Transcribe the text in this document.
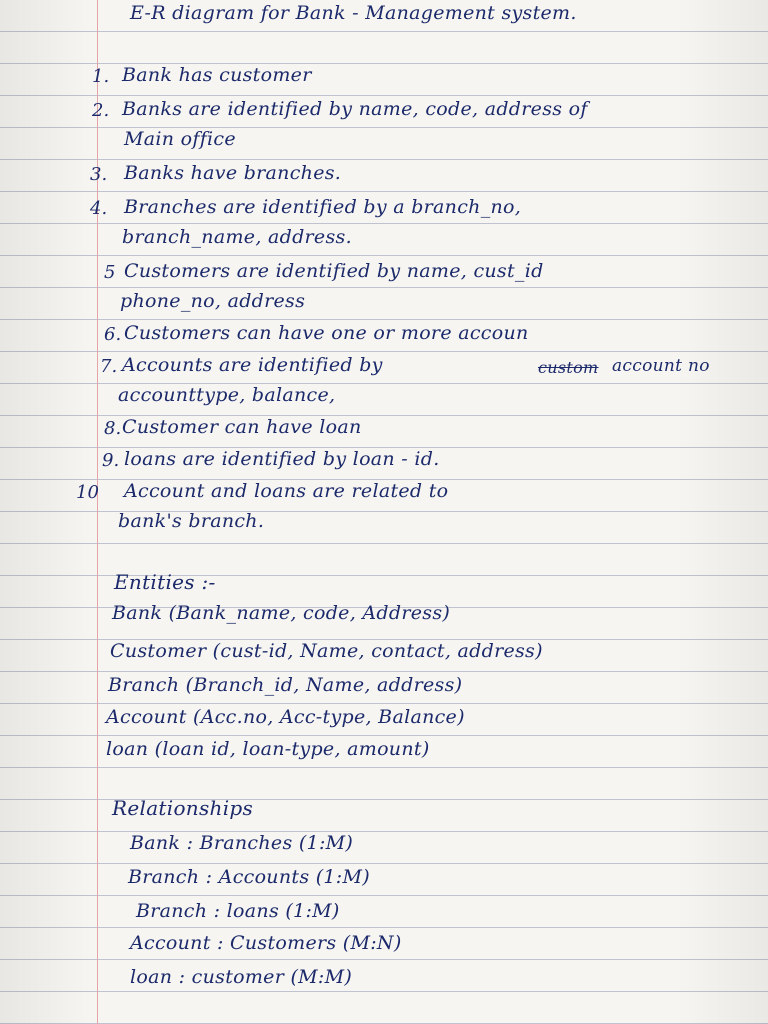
E-R diagram for Bank - Management system.
1. Bank has customer
2. Banks are identified by name, code, address of
Main office
3. Banks have branches.
4. Branches are identified by a branch_no,
branch_name, address.
5 Customers are identified by name, cust_id
phone_no, address
6. Customers can have one or more accoun
7. Accounts are identified by	custom account no
accounttype, balance,
8. Customer can have loan
9. loans are identified by loan - id.
10 Account and loans are related to
bank's branch.
Entities :-
Bank (Bank_name, code, Address)
Customer (cust-id, Name, contact, address)
Branch (Branch_id, Name, address)
Account (Acc.no, Acc-type, Balance)
loan (loan id, loan-type, amount)
Relationships
Bank : Branches (1:M)
Branch : Accounts (1:M)
Branch : loans (1:M)
Account : Customers (M:N)
loan : customer (M:M)
